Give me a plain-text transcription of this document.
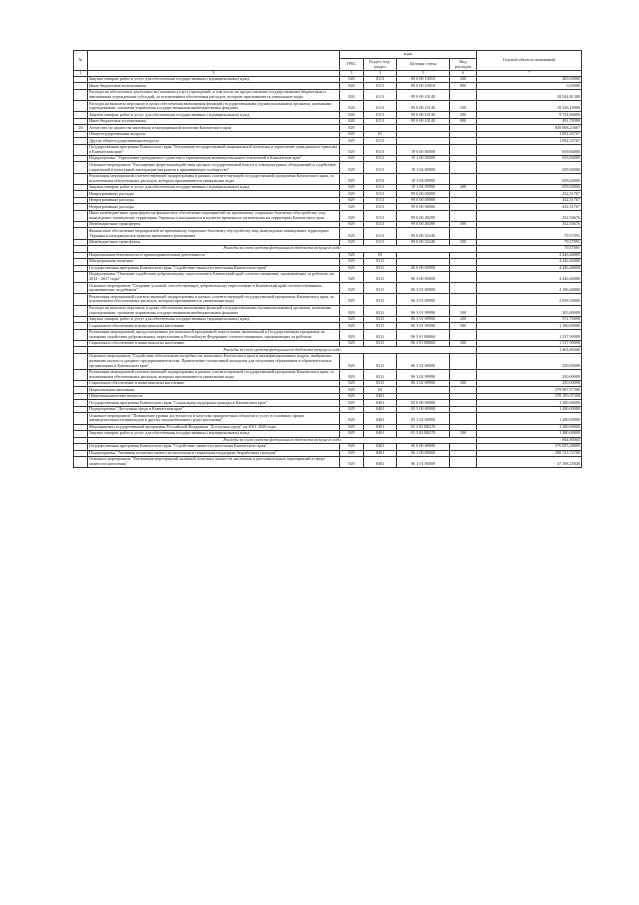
№		коды				Годовой объем ассигнований
		ГРБС	Раздел, под-раздел	Целевая статья	Вид расходов	
1	2	3	4	5	6	7
	Закупка товаров, работ и услуг для обеспечения государственных (муниципальных) нужд	826	0113	99 0 00 10010	200	269,05900
	Иные бюджетные ассигнования	826	0113	99 0 00 10010	800	0,20000
	Расходы на обеспечение деятельности (оказание услуг) учреждений, в том числе на предоставление государственным бюджетным и автономным учреждениям субсидий, за исключением обеспечения расходов, которым присваиваются уникальные коды	826	0113	99 0 00 10140		28 544,81300
	Расходы на выплаты персоналу в целях обеспечения выполнения функций государственными (муниципальными) органами, казенными учреждениями, органами управления государственными внебюджетными фондами	826	0113	99 0 00 10140	100	18 328,19000
	Закупка товаров, работ и услуг для обеспечения государственных (муниципальных) нужд	826	0113	99 0 00 10140	200	9 724,84000
	Иные бюджетные ассигнования	826	0113	99 0 00 10140	800	491,78300
20	Агентство по занятости населения и миграционной политике Камчатского края	829				849 908,23067
	Общегосударственные вопросы	829	01			1 092,35767
	Другие общегосударственные вопросы	829	0113			1 092,35767
	Государственная программа Камчатского края "Реализация государственной национальной политики и укрепление гражданского единства в Камчатском крае"	829	0113	19 0 00 00000		659,84000
	Подпрограмма "Укрепление гражданского единства и гармонизация межнациональных отношений в Камчатском крае"	829	0113	19 1 00 00000		659,84000
	Основное мероприятие "Расширение форм взаимодействия органов государственной власти и этнокультурных объединений и содействие социальной и культурной интеграции мигрантов в принимающее сообщество"	829	0113	19 1 04 00000		659,84000
	Реализация мероприятий соответствующей подпрограммы в рамках соответствующей государственной программы Камчатского края, за исключением обеспеченных расходов, которым присваиваются уникальные коды	829	0113	19 1 04 09990		659,84000
	Закупка товаров, работ и услуг для обеспечения государственных (муниципальных) нужд	829	0113	19 1 04 09990	200	659,84000
	Непрограммные расходы	829	0113	99 0 00 00000		432,51767
	Непрограммные расходы	829	0113	99 0 00 00000		432,51767
	Непрограммные расходы	829	0113	99 0 00 00000		432,51767
	Иные межбюджетные трансферты на финансовое обеспечение мероприятий по временному социально-бытовому обустройству лиц, вынужденно покинувших территорию Украины и находящихся в пунктах временного размещения на территории Камчатского края	829	0113	99 0 00 40290		352,94676
	Межбюджетные трансферты	829	0113	99 0 00 40290	500	352,94676
	Финансовое обеспечение мероприятий по временному социально-бытовому обустройству лиц, вынужденно покинувших территорию Украины и находящихся в пунктах временного размещения	829	0113	99 0 00 52240		79,57091
	Межбюджетные трансферты	829	0113	99 0 00 52240	500	79,57091
	Расходы за счет средств федерального бюджета текущего года					79,57091
	Национальная безопасность и правоохранительная деятельность	829	03			4 446,40000
	Миграционная политика	829	0311			4 446,40000
	Государственная программа Камчатского края "Содействие занятости населения Камчатского края"	829	0311	06 0 00 00000		4 446,40000
	Подпрограмма "Оказание содействия добровольному переселению в Камчатский край соотечественников, проживающих за рубежом, на 2014 - 2017 годы"	829	0311	06 3 00 00000		4 446,40000
	Основное мероприятие "Создание условий, способствующих добровольному переселению в Камчатский край соотечественников, проживающих за рубежом"	829	0311	06 3 01 00000		4 196,40000
	Реализация мероприятий соответствующей подпрограммы в рамках соответствующей государственной программы Камчатского края, за исключением обеспеченных расходов, которым присваиваются уникальные коды	829	0311	06 3 01 09990		2 658,50000
	Расходы на выплаты персоналу в целях обеспечения выполнения функций государственными (муниципальными) органами, казенными учреждениями, органами управления государственными внебюджетными фондами	829	0311	06 3 01 09990	100	305,80000
	Закупка товаров, работ и услуг для обеспечения государственных (муниципальных) нужд	829	0311	06 3 01 09990	200	572,70000
	Социальное обеспечение и иные выплаты населению	829	0311	06 3 01 09990	300	1 180,00000
	Реализация мероприятий, предусмотренных региональной программой переселения, включенной в Государственную программу по оказанию содействия добровольному переселению в Российскую Федерацию соотечественников, проживающих за рубежом	829	0311	06 3 01 R0860		1 537,90000
	Социальное обеспечение и иные выплаты населению	829	0311	06 3 01 R0860	300	1 537,90000
	Расходы за счет средств федерального бюджета текущего года					1 465,80000
	Основное мероприятие "Содействие обеспечению потребности экономики Камчатского края в квалифицированных кадрах, выбранных развитию малого и среднего предпринимательства. Привлечение талантливой молодежи для получения образования в образовательных организациях в Камчатском крае"	829	0311	06 3 02 00000		250,00000
	Реализация мероприятий соответствующей подпрограммы в рамках соответствующей государственной программы Камчатского края, за исключением обеспеченных расходов, которым присваиваются уникальные коды	829	0311	06 3 02 09990		250,00000
	Социальное обеспечение и иные выплаты населению	829	0311	06 3 02 09990	300	250,00000
	Национальная экономика	829	04			379 987,07300
	Общеэкономические вопросы	829	0401			378 185,07300
	Государственная программа Камчатского края "Социальная поддержка граждан в Камчатском крае"	829	0401	05 0 00 00000		1 280,00000
	Подпрограмма "Доступная среда в Камчатском крае"	829	0401	05 3 00 00000		1 280,00000
	Основное мероприятие "Повышение уровня доступности и качества приоритетных объектов и услуг в основных сферах жизнедеятельности инвалидов и других маломобильных групп населения"	829	0401	05 3 02 00000		1 280,00000
	Мероприятия государственной программы Российской Федерации "Доступная среда" на 2011-2020 годы	829	0401	05 3 02 R0270		1 280,00000
	Закупка товаров, работ и услуг для обеспечения государственных (муниципальных) нужд	829	0401	05 3 02 R0270	200	1 280,00000
	Расходы за счет средств федерального бюджета текущего года					844,80000
	Государственная программа Камчатского края "Содействие занятости населения Камчатского края"	829	0401	06 0 00 00000		376 055,48000
	Подпрограмма "Активная политика занятости населения и социальная поддержка безработных граждан"	829	0401	06 1 00 00000		308 723,72700
	Основное мероприятие "Реализация мероприятий активной политики занятости населения и дополнительных мероприятий в сфере занятости населения"	829	0401	06 1 01 00000		47 108,25640
